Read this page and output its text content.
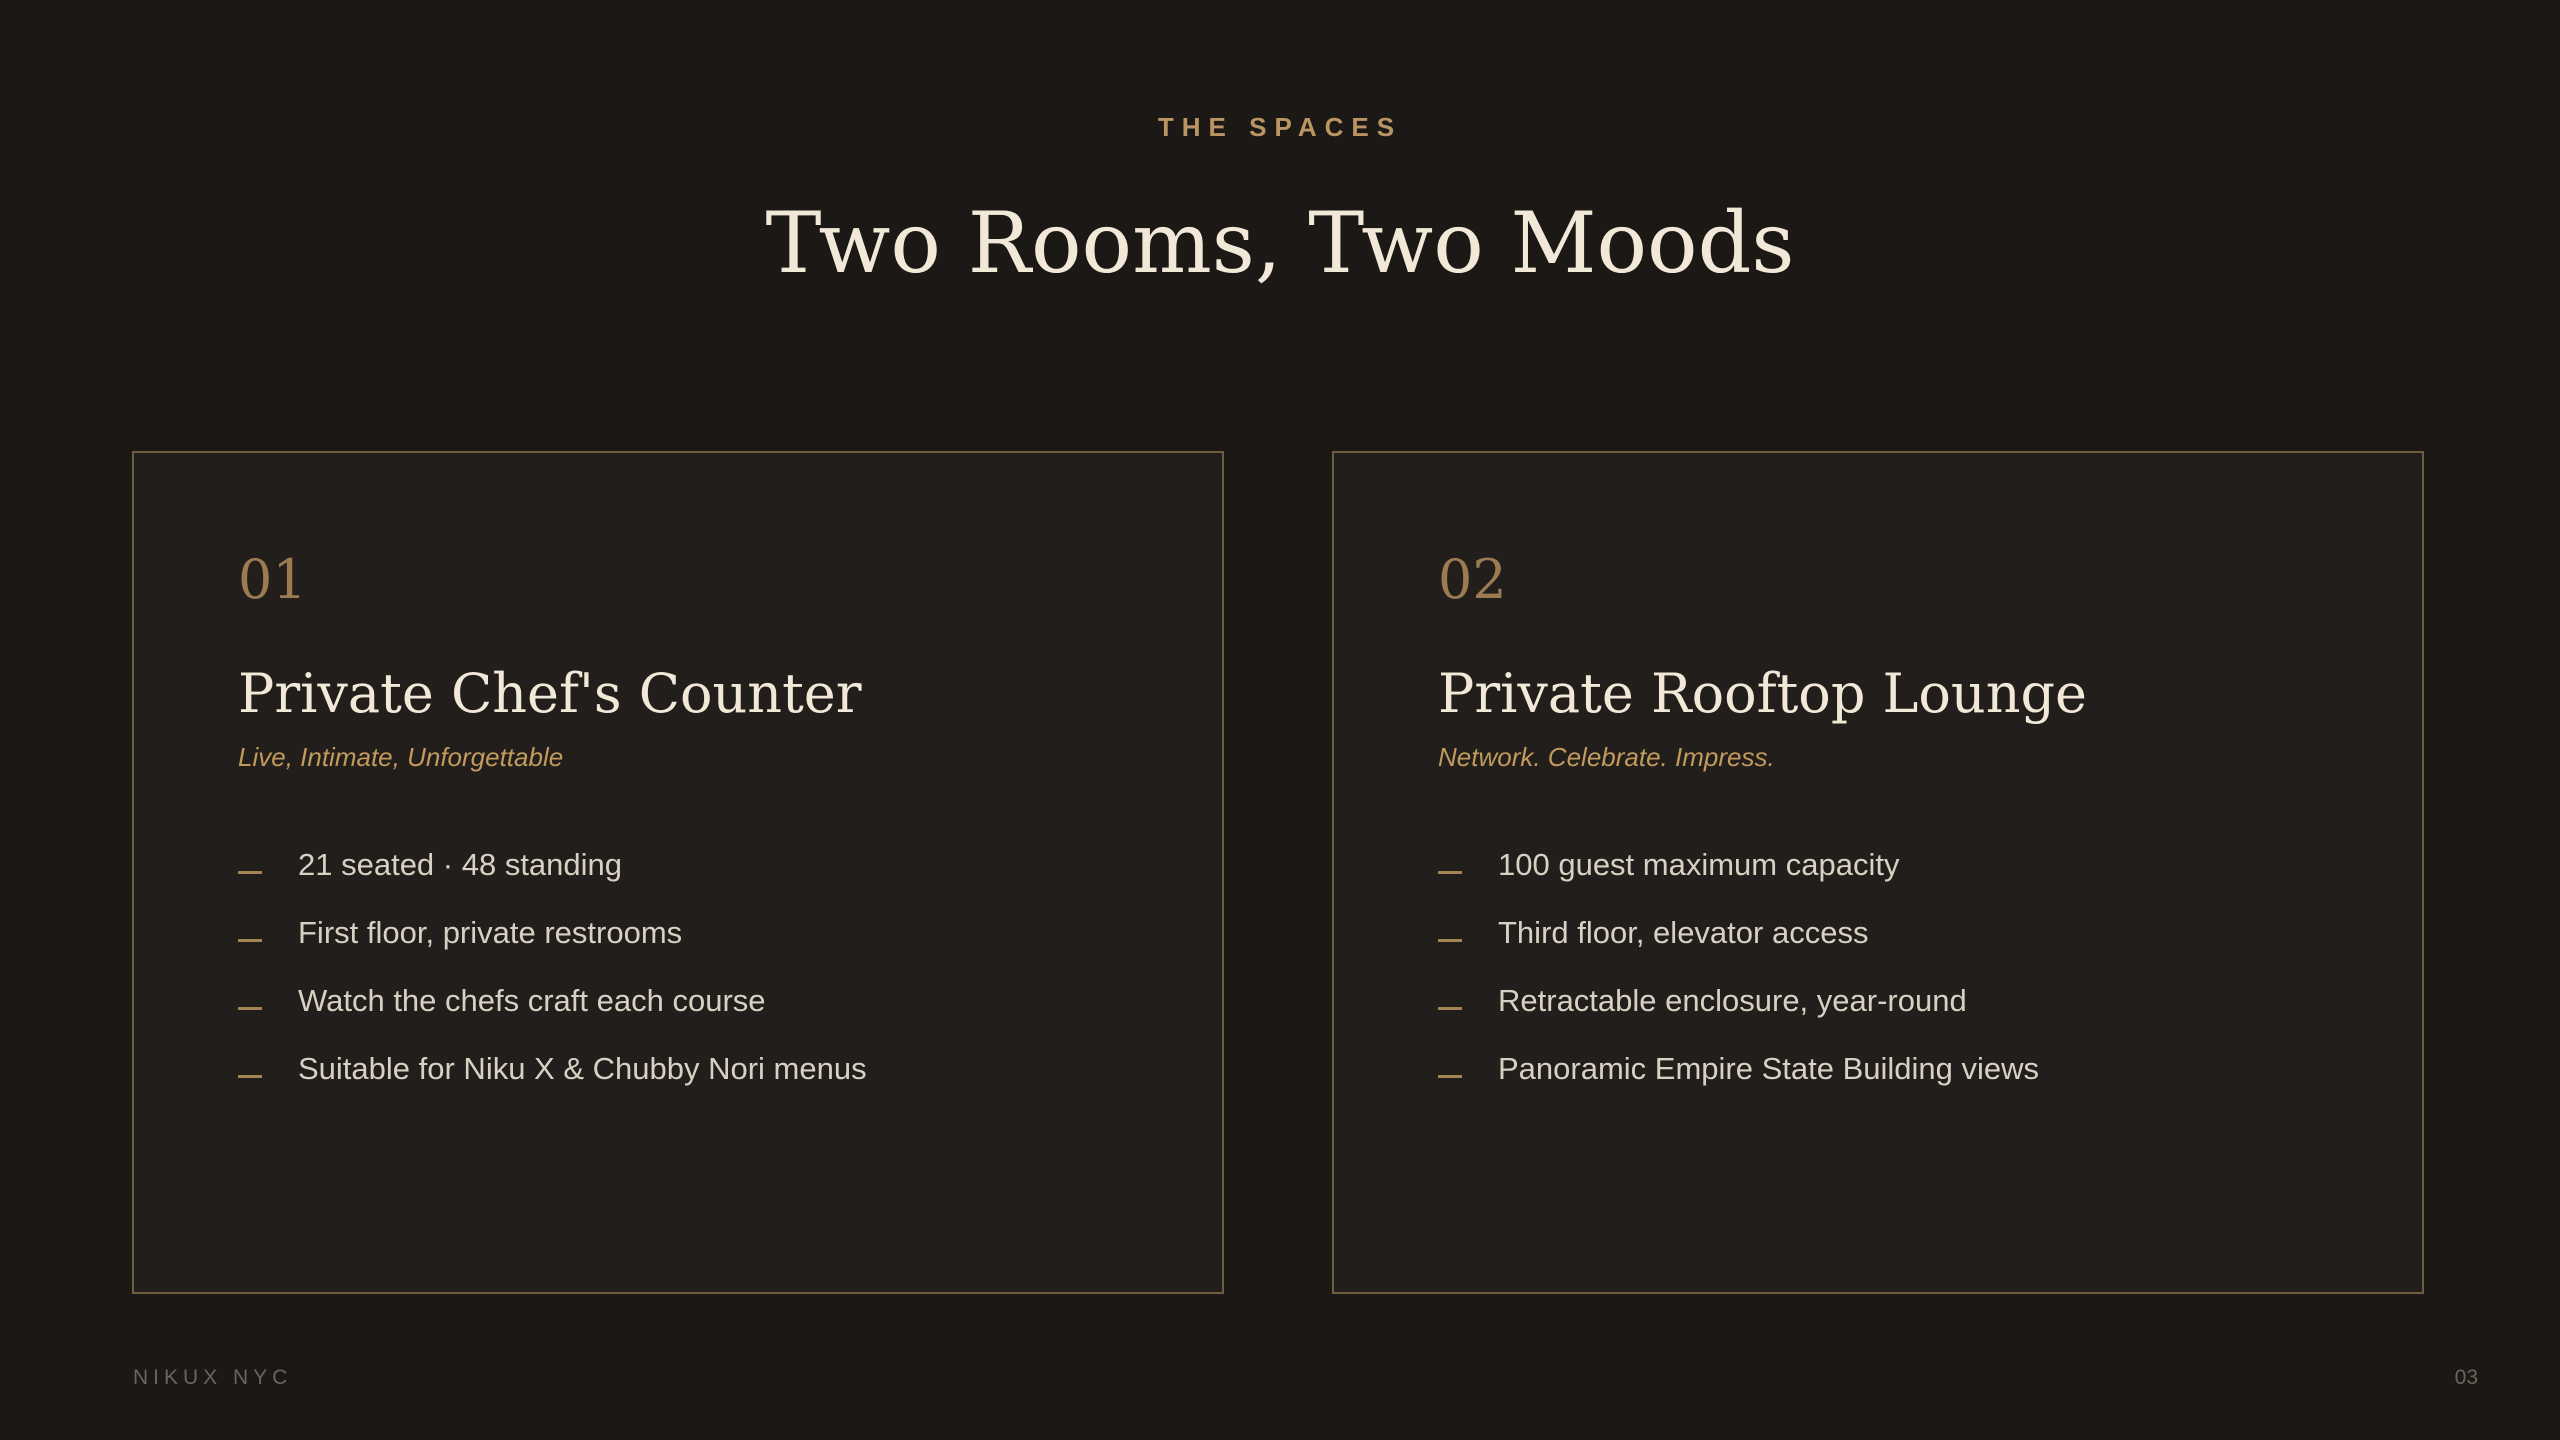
THE SPACES
Two Rooms, Two Moods
01
Private Chef's Counter
Live, Intimate, Unforgettable
21 seated · 48 standing
First floor, private restrooms
Watch the chefs craft each course
Suitable for Niku X & Chubby Nori menus
02
Private Rooftop Lounge
Network. Celebrate. Impress.
100 guest maximum capacity
Third floor, elevator access
Retractable enclosure, year-round
Panoramic Empire State Building views
NIKUX NYC	03
